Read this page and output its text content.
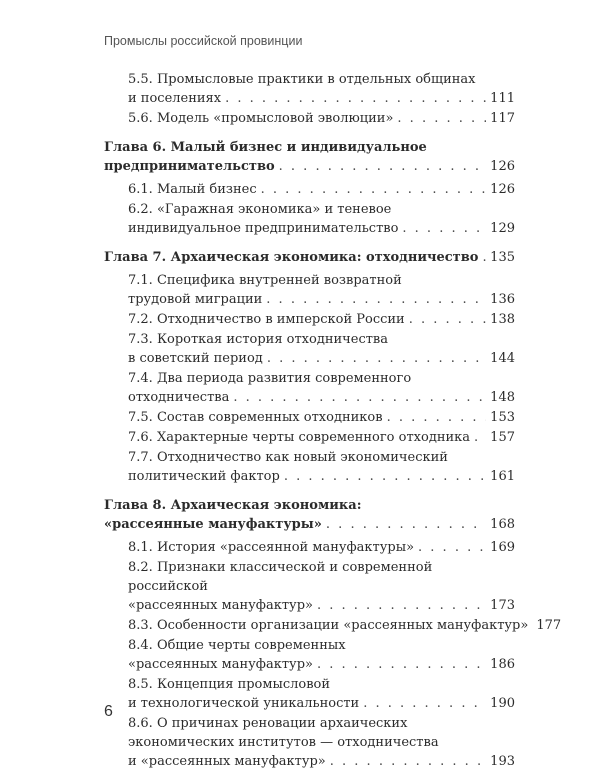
Промыслы российской провинции
5.5. Промысловые практики в отдельных общинах
и поселениях . . .	111
5.6. Модель «промысловой эволюции» . . .	117
Глава 6. Малый бизнес и индивидуальное
предпринимательство . . .	126
6.1. Малый бизнес . . .	126
6.2. «Гаражная экономика» и теневое
индивидуальное предпринимательство . . .	129
Глава 7. Архаическая экономика: отходничество . . . 135
7.1. Специфика внутренней возвратной
трудовой миграции . . .	136
7.2. Отходничество в имперской России . . .	138
7.3. Короткая история отходничества
в советский период . . .	144
7.4. Два периода развития современного
отходничества . . .	148
7.5. Состав современных отходников . . .	153
7.6. Характерные черты современного отходника . . . 157
7.7. Отходничество как новый экономический
политический фактор . . .	161
Глава 8. Архаическая экономика:
«рассеянные мануфактуры» . . .	168
8.1. История «рассеянной мануфактуры» . . .	169
8.2. Признаки классической и современной российской
«рассеянных мануфактур» . . .	173
8.3. Особенности организации «рассеянных мануфактур» 177
8.4. Общие черты современных
«рассеянных мануфактур» . . .	186
8.5. Концепция промысловой
и технологической уникальности . . .	190
8.6. О причинах реновации архаических
экономических институтов — отходничества
и «рассеянных мануфактур» . . .	193
6
